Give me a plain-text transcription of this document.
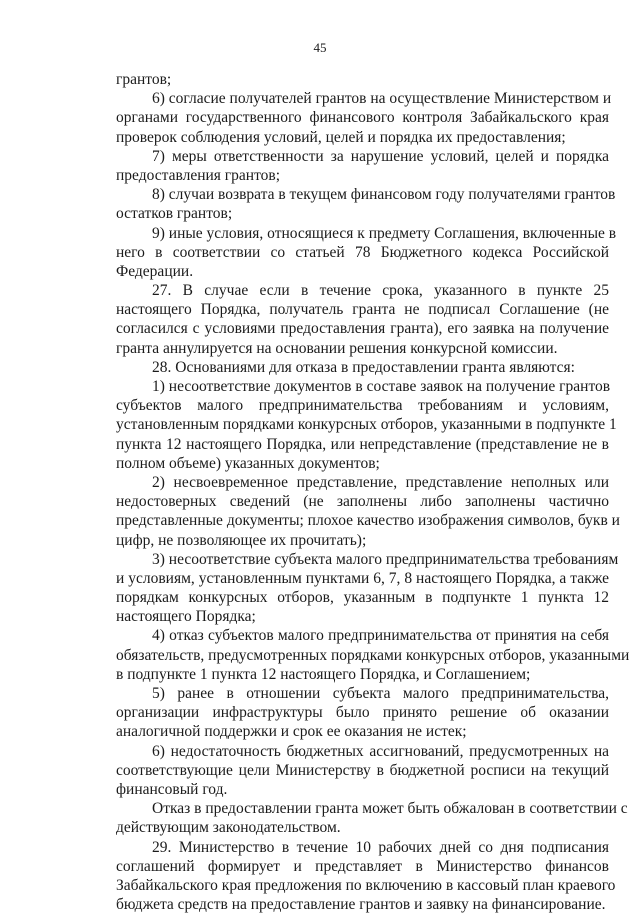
45
грантов;
6) согласие получателей грантов на осуществление Министерством и
органами государственного финансового контроля Забайкальского края
проверок соблюдения условий, целей и порядка их предоставления;
7) меры ответственности за нарушение условий, целей и порядка
предоставления грантов;
8) случаи возврата в текущем финансовом году получателями грантов
остатков грантов;
9) иные условия, относящиеся к предмету Соглашения, включенные в
него в соответствии со статьей 78 Бюджетного кодекса Российской
Федерации.
27. В случае если в течение срока, указанного в пункте 25
настоящего Порядка, получатель гранта не подписал Соглашение (не
согласился с условиями предоставления гранта), его заявка на получение
гранта аннулируется на основании решения конкурсной комиссии.
28. Основаниями для отказа в предоставлении гранта являются:
1) несоответствие документов в составе заявок на получение грантов
субъектов малого предпринимательства требованиям и условиям,
установленным порядками конкурсных отборов, указанными в подпункте 1
пункта 12 настоящего Порядка, или непредставление (представление не в
полном объеме) указанных документов;
2) несвоевременное представление, представление неполных или
недостоверных сведений (не заполнены либо заполнены частично
представленные документы; плохое качество изображения символов, букв и
цифр, не позволяющее их прочитать);
3) несоответствие субъекта малого предпринимательства требованиям
и условиям, установленным пунктами 6, 7, 8 настоящего Порядка, а также
порядкам конкурсных отборов, указанным в подпункте 1 пункта 12
настоящего Порядка;
4) отказ субъектов малого предпринимательства от принятия на себя
обязательств, предусмотренных порядками конкурсных отборов, указанными
в подпункте 1 пункта 12 настоящего Порядка, и Соглашением;
5) ранее в отношении субъекта малого предпринимательства,
организации инфраструктуры было принято решение об оказании
аналогичной поддержки и срок ее оказания не истек;
6) недостаточность бюджетных ассигнований, предусмотренных на
соответствующие цели Министерству в бюджетной росписи на текущий
финансовый год.
Отказ в предоставлении гранта может быть обжалован в соответствии с
действующим законодательством.
29. Министерство в течение 10 рабочих дней со дня подписания
соглашений формирует и представляет в Министерство финансов
Забайкальского края предложения по включению в кассовый план краевого
бюджета средств на предоставление грантов и заявку на финансирование.
